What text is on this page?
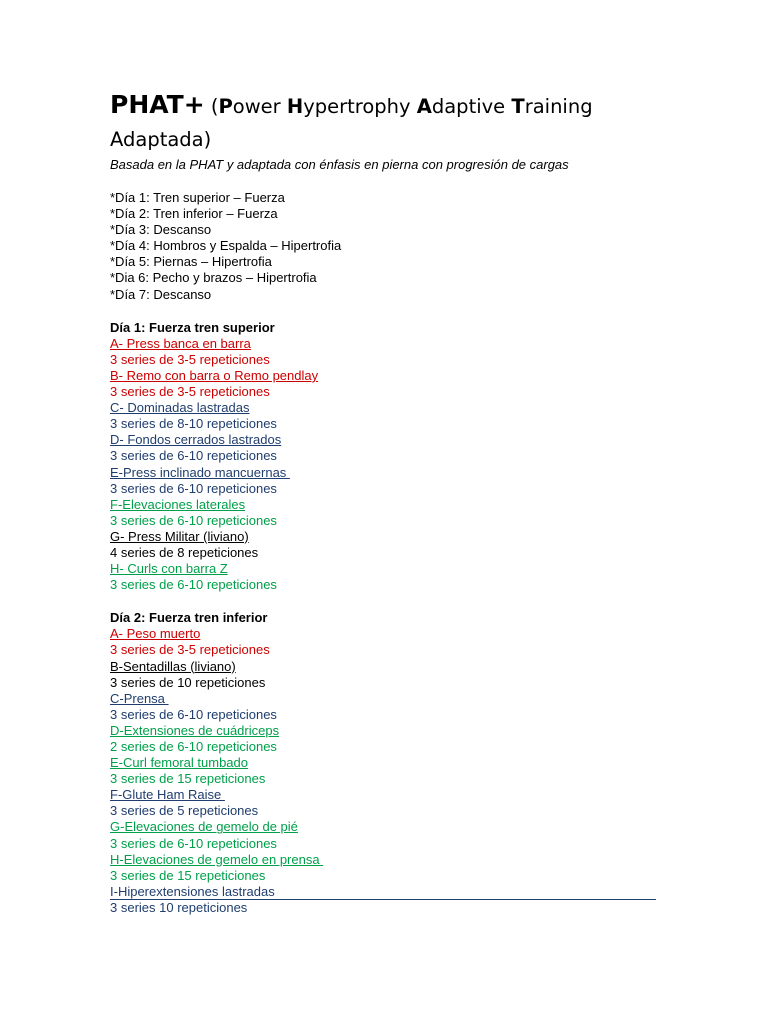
PHAT+ (Power Hypertrophy Adaptive Training
Adaptada)
Basada en la PHAT y adaptada con énfasis en pierna con progresión de cargas
*Día 1: Tren superior – Fuerza
*Día 2: Tren inferior – Fuerza
*Día 3: Descanso
*Día 4: Hombros y Espalda – Hipertrofia
*Día 5: Piernas – Hipertrofia
*Dia 6: Pecho y brazos – Hipertrofia
*Día 7: Descanso
Día 1: Fuerza tren superior
A- Press banca en barra
3 series de 3-5 repeticiones
B- Remo con barra o Remo pendlay
3 series de 3-5 repeticiones
C- Dominadas lastradas
3 series de 8-10 repeticiones
D- Fondos cerrados lastrados
3 series de 6-10 repeticiones
E-Press inclinado mancuernas
3 series de 6-10 repeticiones
F-Elevaciones laterales
3 series de 6-10 repeticiones
G- Press Militar (liviano)
4 series de 8 repeticiones
H- Curls con barra Z
3 series de 6-10 repeticiones
Día 2: Fuerza tren inferior
A- Peso muerto
3 series de 3-5 repeticiones
B-Sentadillas (liviano)
3 series de 10 repeticiones
C-Prensa
3 series de 6-10 repeticiones
D-Extensiones de cuádriceps
2 series de 6-10 repeticiones
E-Curl femoral tumbado
3 series de 15 repeticiones
F-Glute Ham Raise
3 series de 5 repeticiones
G-Elevaciones de gemelo de pié
3 series de 6-10 repeticiones
H-Elevaciones de gemelo en prensa
3 series de 15 repeticiones
I-Hiperextensiones lastradas
3 series 10 repeticiones
